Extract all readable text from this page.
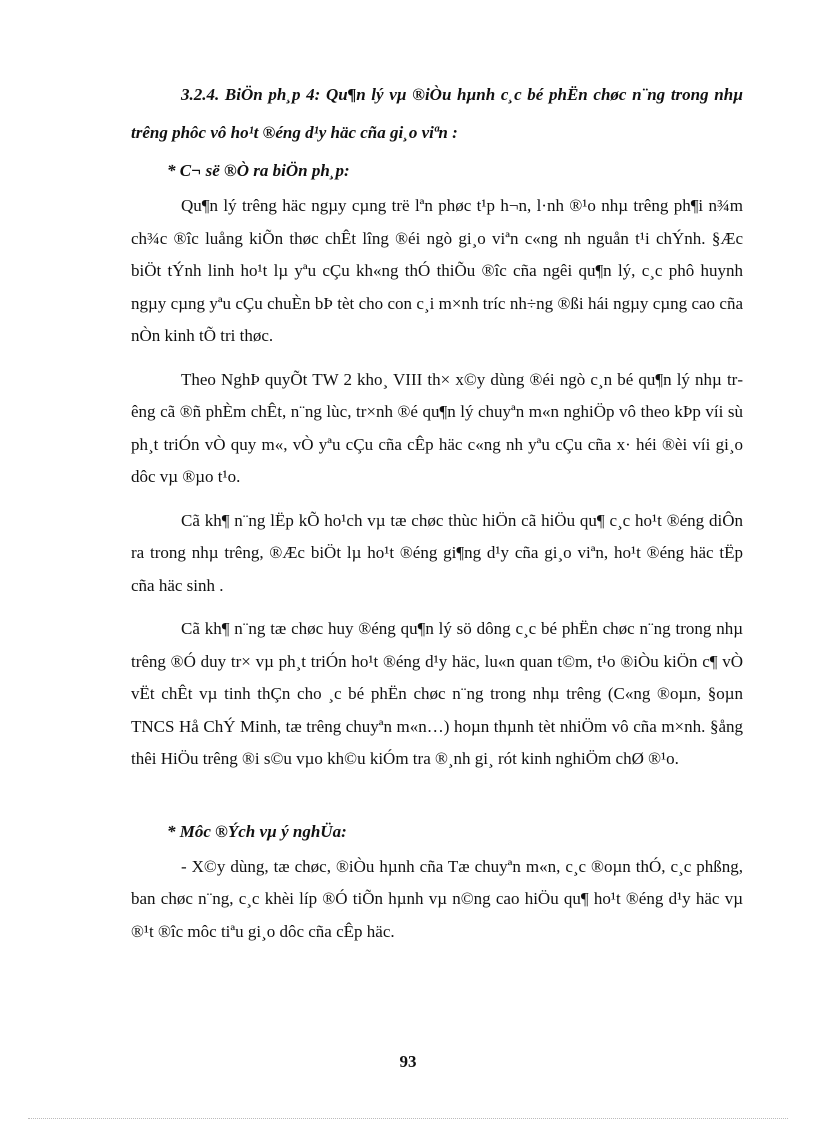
3.2.4. BiÖn ph¸p 4: Qu¶n lý vµ ®iÒu hµnh c¸c bé phËn chøc n¨ng trong nhµ trêng phôc vô ho¹t ®éng d¹y häc cña gi¸o viªn :

* C¬ së ®Ò ra biÖn ph¸p:

Qu¶n lý trêng häc ngµy cµng trë lªn phøc t¹p h¬n, l·nh ®¹o nhµ trêng ph¶i n¾m ch¾c ®îc luång kiÕn thøc chÊt lîng ®éi ngò gi¸o viªn c«ng nh nguån t¹i chÝnh. §Æc biÖt tÝnh linh ho¹t lµ yªu cÇu kh«ng thÓ thiÕu ®îc cña ngêi qu¶n lý, c¸c phô huynh ngµy cµng yªu cÇu chuÈn bÞ tèt cho con c¸i m×nh tríc nh÷ng ®ßi hái ngµy cµng cao cña nÒn kinh tÕ tri thøc.

Theo NghÞ quyÕt TW 2 kho¸ VIII th× x©y dùng ®éi ngò c¸n bé qu¶n lý nhµ trêng cã ®ñ phÈm chÊt, n¨ng lùc, tr×nh ®é qu¶n lý chuyªn m«n nghiÖp vô theo kÞp víi sù ph¸t triÓn vÒ quy m«, vÒ yªu cÇu cña cÊp häc c«ng nh yªu cÇu cña x· héi ®èi víi gi¸o dôc vµ ®µo t¹o.

Cã kh¶ n¨ng lËp kÕ ho¹ch vµ tæ chøc thùc hiÖn cã hiÖu qu¶ c¸c ho¹t ®éng diÔn ra trong nhµ trêng, ®Æc biÖt lµ ho¹t ®éng gi¶ng d¹y cña gi¸o viªn, ho¹t ®éng häc tËp cña häc sinh .

Cã kh¶ n¨ng tæ chøc huy ®éng qu¶n lý sö dông c¸c bé phËn chøc n¨ng trong nhµ trêng ®Ó duy tr× vµ ph¸t triÓn ho¹t ®éng d¹y häc, lu«n quan t©m, t¹o ®iÒu kiÖn c¶ vÒ vËt chÊt vµ tinh thÇn cho ¸c bé phËn chøc n¨ng trong nhµ trêng (C«ng ®oµn, §oµn TNCS Hå ChÝ Minh, tæ trêng chuyªn m«n…) hoµn thµnh tèt nhiÖm vô cña m×nh. §ång thêi HiÖu trêng ®i s©u vµo kh©u kiÓm tra ®¸nh gi¸ rót kinh nghiÖm chØ ®¹o.

* Môc ®Ých vµ ý nghÜa:

- X©y dùng, tæ chøc, ®iÒu hµnh cña Tæ chuyªn m«n, c¸c ®oµn thÓ, c¸c phßng, ban chøc n¨ng, c¸c khèi líp ®Ó tiÕn hµnh vµ n©ng cao hiÖu qu¶ ho¹t ®éng d¹y häc vµ ®¹t ®îc môc tiªu gi¸o dôc cña cÊp häc.

93
